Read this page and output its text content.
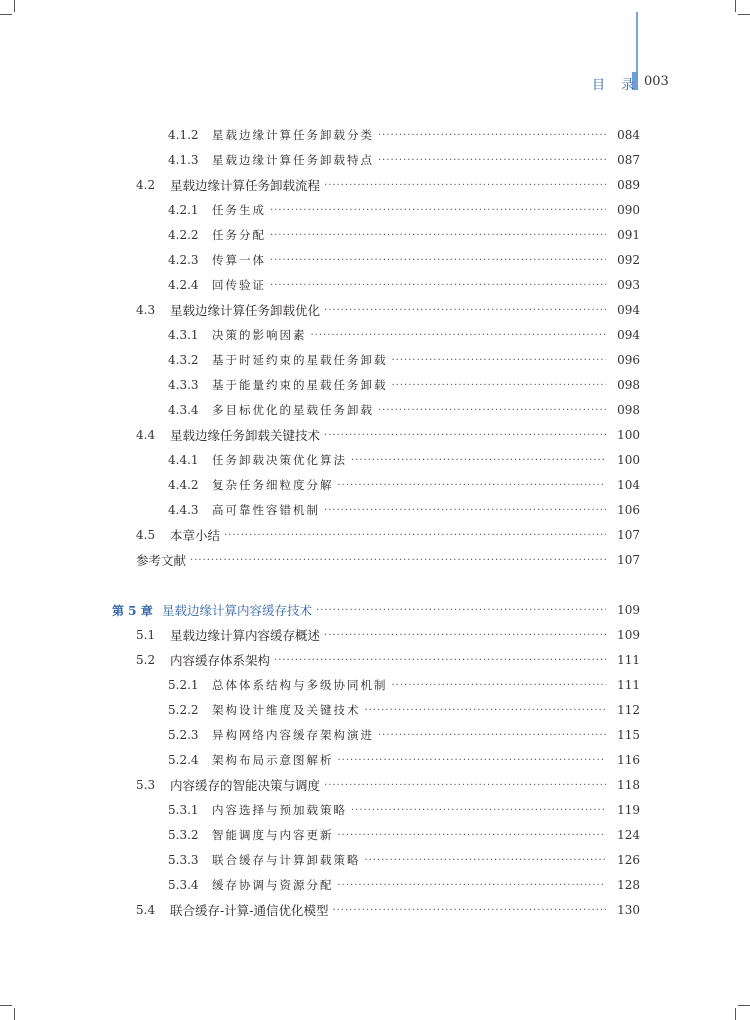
目 录 003
4.1.2	星载边缘计算任务卸载分类 ·····	084
4.1.3	星载边缘计算任务卸载特点 ·····	087
4.2	星载边缘计算任务卸载流程 ·····	089
4.2.1	任务生成 ·····	090
4.2.2	任务分配 ·····	091
4.2.3	传算一体 ·····	092
4.2.4	回传验证 ·····	093
4.3	星载边缘计算任务卸载优化 ·····	094
4.3.1	决策的影响因素 ·····	094
4.3.2	基于时延约束的星载任务卸载 ·····	096
4.3.3	基于能量约束的星载任务卸载 ·····	098
4.3.4	多目标优化的星载任务卸载 ·····	098
4.4	星载边缘任务卸载关键技术 ·····	100
4.4.1	任务卸载决策优化算法 ·····	100
4.4.2	复杂任务细粒度分解 ·····	104
4.4.3	高可靠性容错机制 ·····	106
4.5	本章小结 ·····	107
参考文献 ·····	107
第 5 章 星载边缘计算内容缓存技术 ·····	109
5.1	星载边缘计算内容缓存概述 ·····	109
5.2	内容缓存体系架构 ·····	111
5.2.1	总体体系结构与多级协同机制 ·····	111
5.2.2	架构设计维度及关键技术 ·····	112
5.2.3	异构网络内容缓存架构演进 ·····	115
5.2.4	架构布局示意图解析 ·····	116
5.3	内容缓存的智能决策与调度 ·····	118
5.3.1	内容选择与预加载策略 ·····	119
5.3.2	智能调度与内容更新 ·····	124
5.3.3	联合缓存与计算卸载策略 ·····	126
5.3.4	缓存协调与资源分配 ·····	128
5.4	联合缓存-计算-通信优化模型 ·····	130
